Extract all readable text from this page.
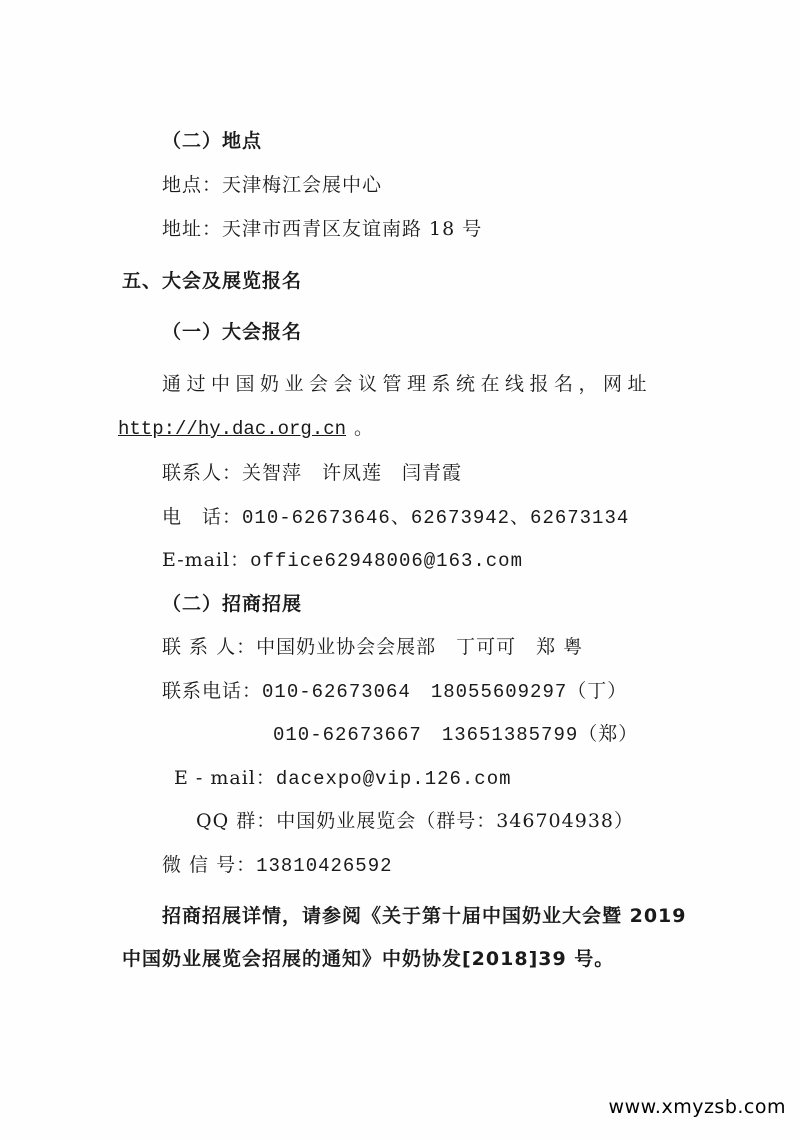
（二）地点
地点：天津梅江会展中心
地址：天津市西青区友谊南路 18 号
五、大会及展览报名
（一）大会报名
通过中国奶业会会议管理系统在线报名，网址
http://hy.dac.org.cn 。
联系人：关智萍　许凤莲　闫青霞
电　话：010-62673646、62673942、62673134
E-mail：office62948006@163.com
（二）招商招展
联 系 人：中国奶业协会会展部　丁可可　郑 粤
联系电话：010-62673064　18055609297（丁）
010-62673667　13651385799（郑）
E - mail：dacexpo@vip.126.com
QQ 群：中国奶业展览会（群号：346704938）
微 信 号：13810426592
招商招展详情，请参阅《关于第十届中国奶业大会暨 2019
中国奶业展览会招展的通知》中奶协发[2018]39 号。
www.xmyzsb.com
